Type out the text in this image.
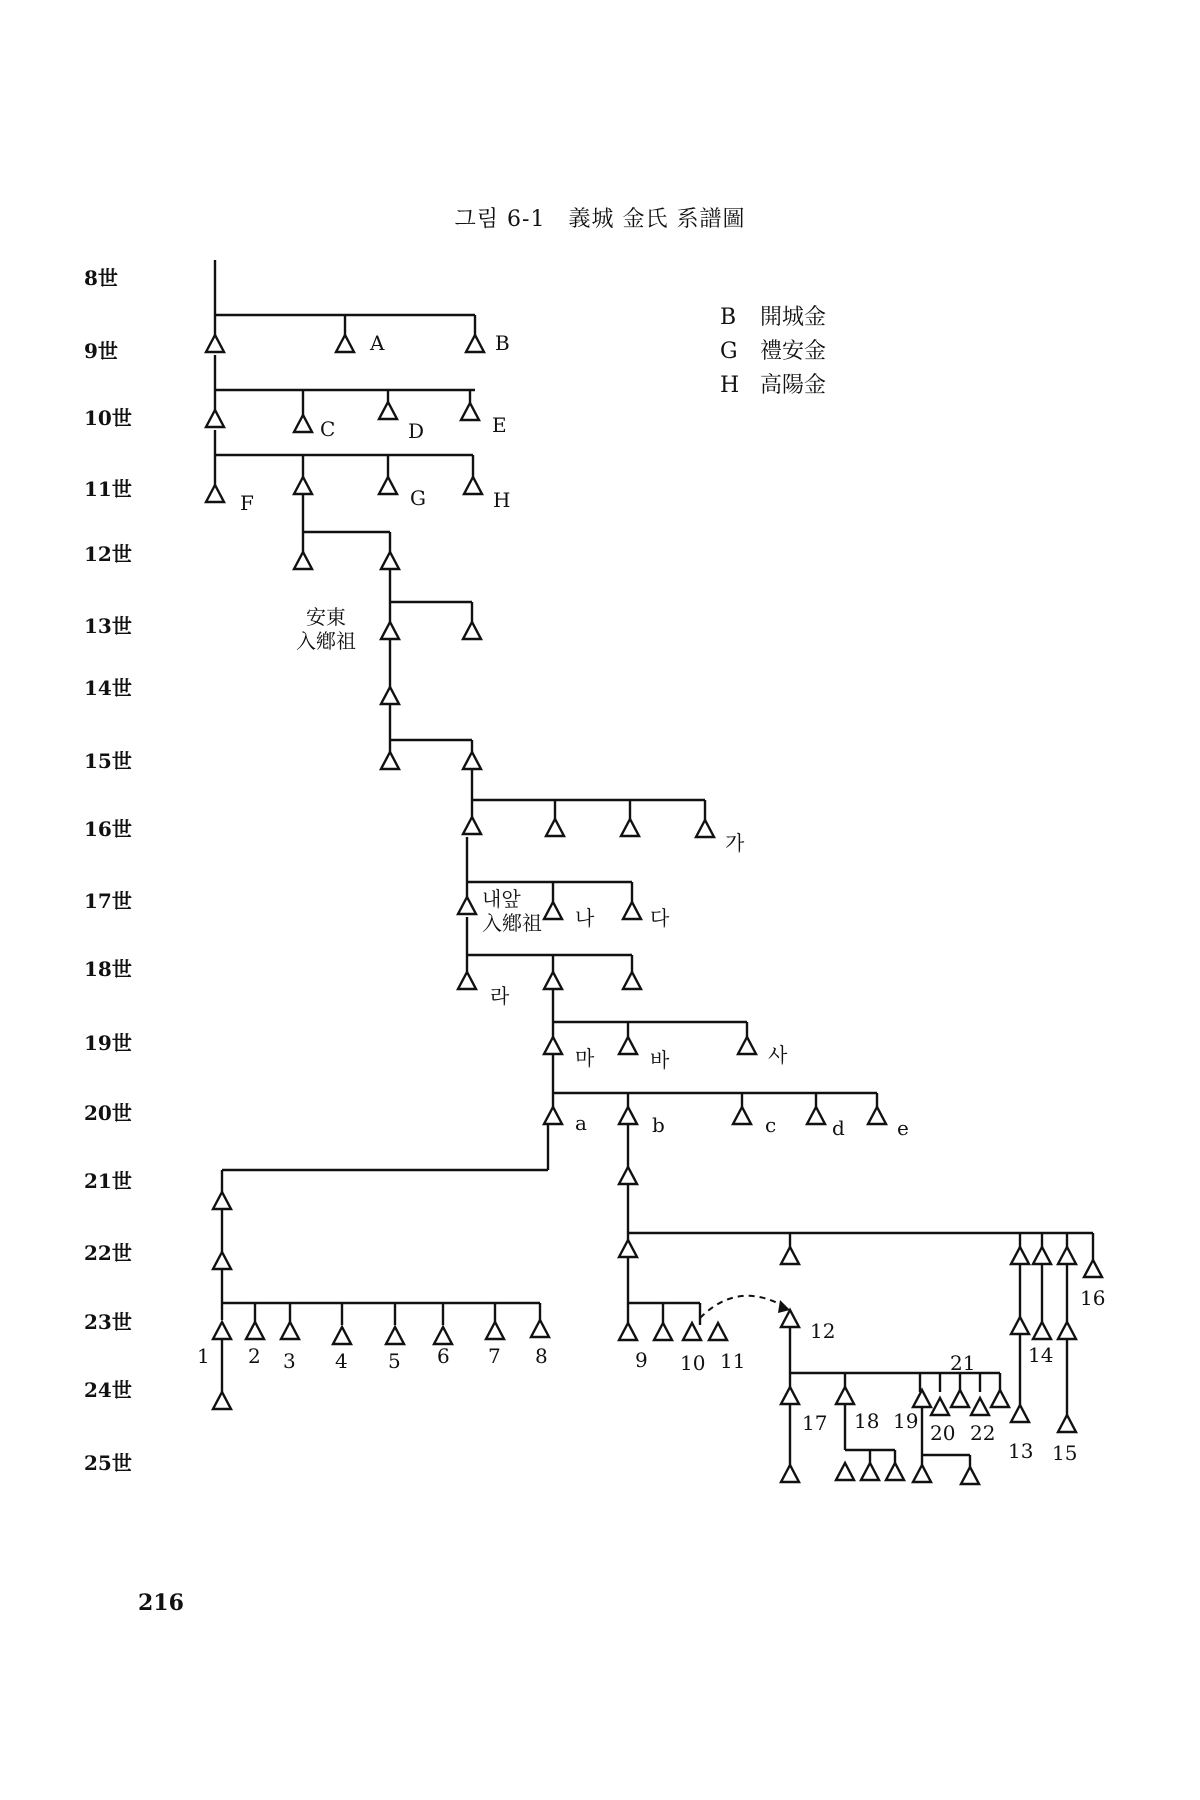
그림 6-1　義城 金氏 系譜圖
8世
9世
10世
11世
12世
13世
14世
15世
16世
17世
18世
19世
20世
21世
22世
23世
24世
25世
B 開城金
G 禮安金
H 高陽金
安東
入鄕祖
내앞
入鄕祖
A	B
C	D	E
F	G	H
가
나	다
라
마	바	사
a	b	c	d	e
1 2 3 4 5 6 7 8
16
9 10 11
12
17 18 19 20
21
22
13
14
15
216
